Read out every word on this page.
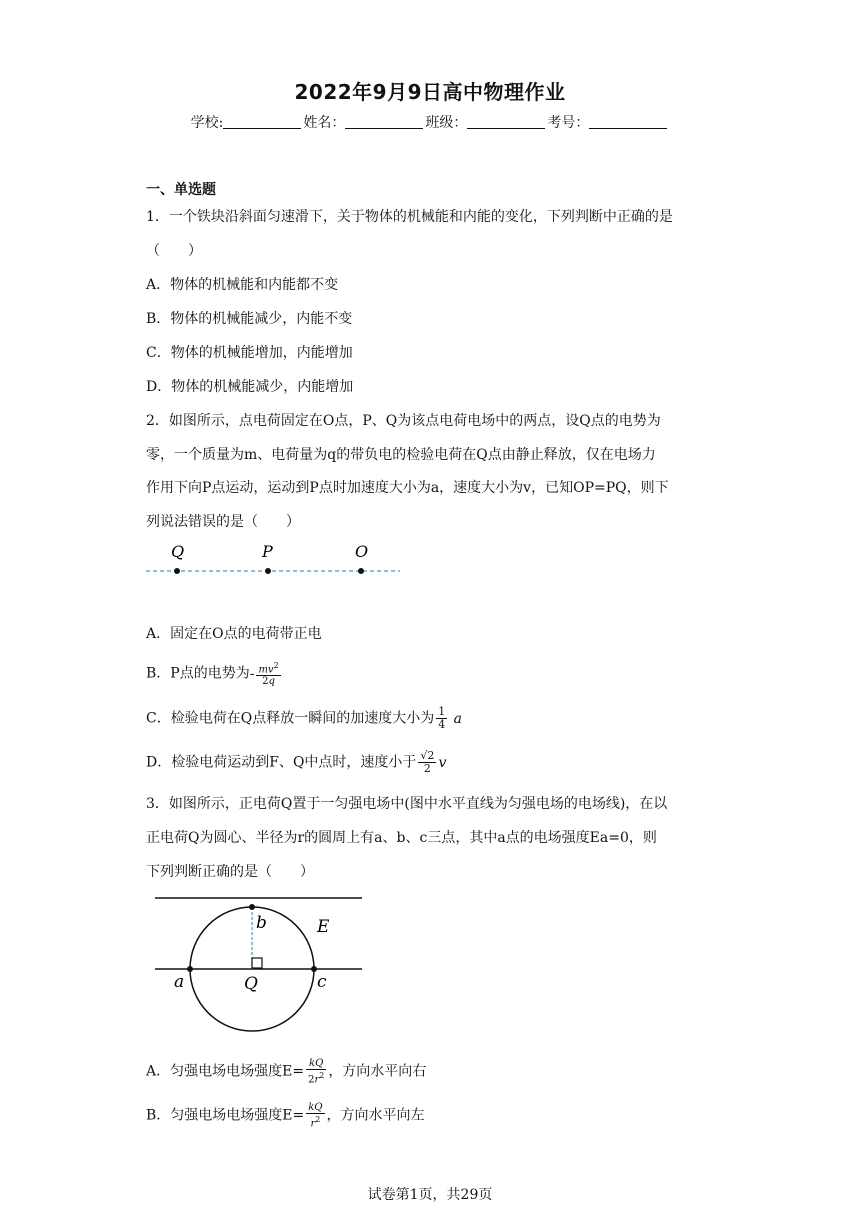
2022年9月9日高中物理作业
学校:	姓名：	班级：	考号：
一、单选题
1．一个铁块沿斜面匀速滑下，关于物体的机械能和内能的变化，下列判断中正确的是
（　　）
A．物体的机械能和内能都不变
B．物体的机械能减少，内能不变
C．物体的机械能增加，内能增加
D．物体的机械能减少，内能增加
2．如图所示，点电荷固定在O点，P、Q为该点电荷电场中的两点，设Q点的电势为
零，一个质量为m、电荷量为q的带负电的检验电荷在Q点由静止释放，仅在电场力
作用下向P点运动，运动到P点时加速度大小为a，速度大小为v，已知OP=PQ，则下
列说法错误的是（　　）
Q	P	O
A．固定在O点的电荷带正电
B．P点的电势为- $\frac{mv^2}{2q}$
C．检验电荷在Q点释放一瞬间的加速度大小为 $\frac{1}{4}$ a
D．检验电荷运动到F、Q中点时，速度小于 $\frac{√2}{2}$ v
3．如图所示，正电荷Q置于一匀强电场中(图中水平直线为匀强电场的电场线)，在以
正电荷Q为圆心、半径为r的圆周上有a、b、c三点，其中a点的电场强度Ea=0，则
下列判断正确的是（　　）
b	E
a	Q	c
A．匀强电场电场强度$E= \frac{kQ}{2r^2}$ ，方向水平向右
B．匀强电场电场强度$E= \frac{kQ}{r^2}$ ，方向水平向左
试卷第1页，共29页
